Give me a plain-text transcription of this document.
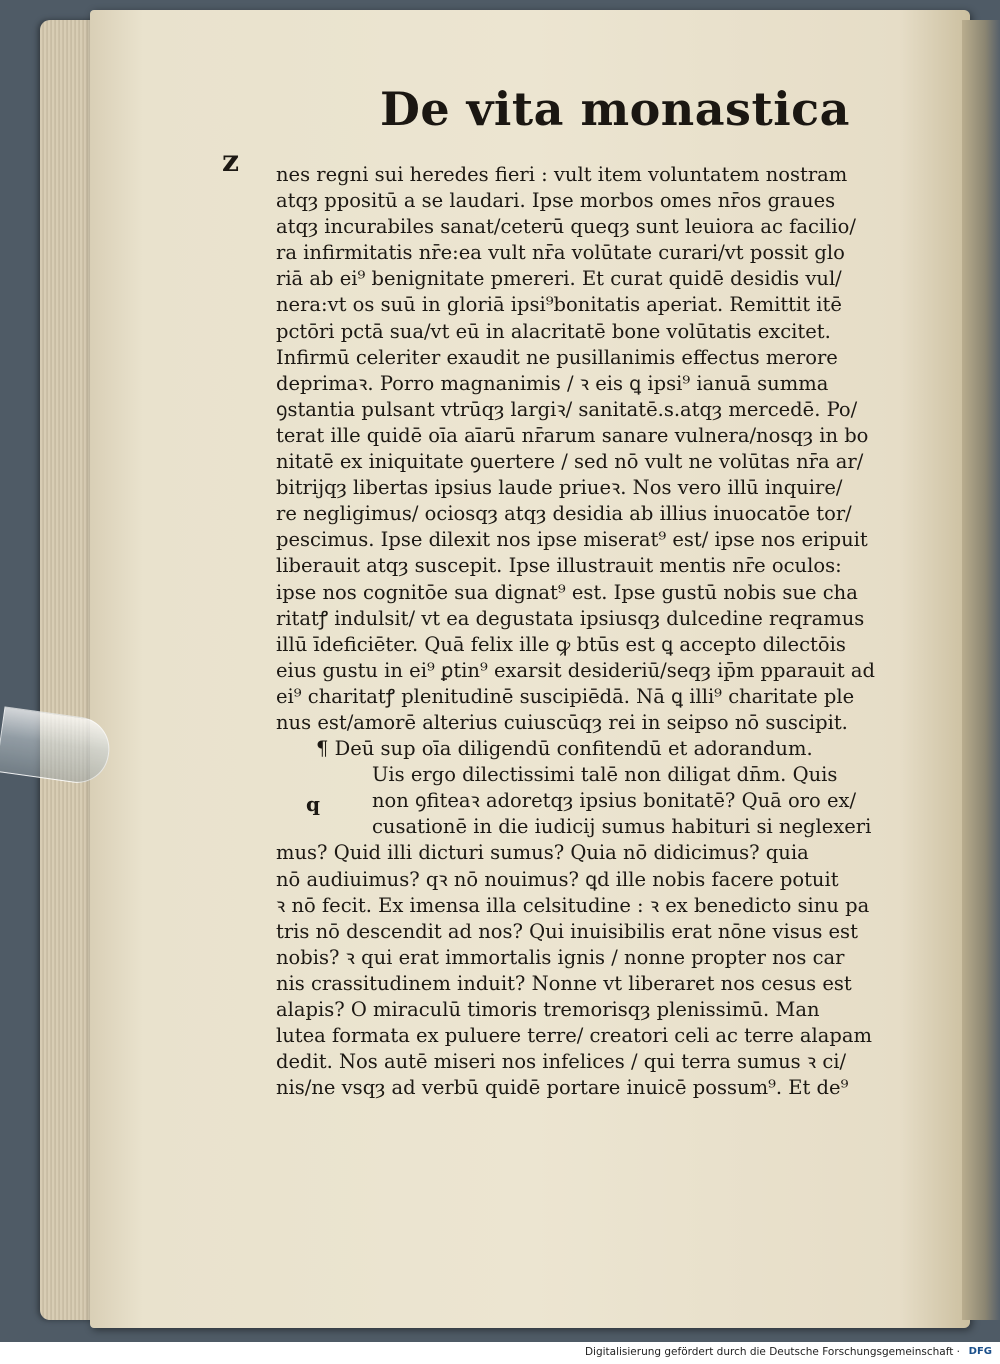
De vita monastica
z
q
nes regni sui heredes fieri : vult item voluntatem nostram
atqȝ ppositū a se laudari. Ipse morbos omes nr̄os graues
atqȝ incurabiles sanat/ceterū queqȝ sunt leuiora ac facilio/
ra infirmitatis nr̄e:ea vult nr̄a volūtate curari/vt possit glo
riā ab ei⁹ benignitate pmereri. Et curat quidē desidis vul/
nera:vt os suū in gloriā ipsi⁹bonitatis aperiat. Remittit itē
pctōri pctā sua/vt eū in alacritatē bone volūtatis excitet.
Infirmū celeriter exaudit ne pusillanimis effectus merore
deprimaꝛ. Porro magnanimis / ꝛ eis ꝗ ipsi⁹ ianuā summa
ꝯstantia pulsant vtrūqȝ largiꝛ/ sanitatē.s.atqȝ mercedē. Po/
terat ille quidē oīa aīarū nr̄arum sanare vulnera/nosqȝ in bo
nitatē ex iniquitate ꝯuertere / sed nō vult ne volūtas nr̄a ar/
bitrijqȝ libertas ipsius laude priueꝛ. Nos vero illū inquire/
re negligimus/ ociosqȝ atqȝ desidia ab illius inuocatōe tor/
pescimus. Ipse dilexit nos ipse miserat⁹ est/ ipse nos eripuit
liberauit atqȝ suscepit. Ipse illustrauit mentis nr̄e oculos:
ipse nos cognitōe sua dignat⁹ est. Ipse gustū nobis sue cha
ritatꝭ indulsit/ vt ea degustata ipsiusqȝ dulcedine reqramus
illū īdeficiēter. Quā felix ille ꝙ btūs est ꝗ accepto dilectōis
eius gustu in ei⁹ ꝑtin⁹ exarsit desideriū/seqȝ ip̄m pparauit ad
ei⁹ charitatꝭ plenitudinē suscipiēdā. Nā ꝗ illi⁹ charitate ple
nus est/amorē alterius cuiuscūqȝ rei in seipso nō suscipit.
¶ Deū sup oīa diligendū confitendū et adorandum.
Uis ergo dilectissimi talē non diligat dn̄m. Quis
non ꝯfiteaꝛ adoretqȝ ipsius bonitatē? Quā oro ex/
cusationē in die iudicij sumus habituri si neglexeri
mus? Quid illi dicturi sumus? Quia nō didicimus? quia
nō audiuimus? qꝛ nō nouimus? ꝗd ille nobis facere potuit
ꝛ nō fecit. Ex imensa illa celsitudine : ꝛ ex benedicto sinu pa
tris nō descendit ad nos? Qui inuisibilis erat nōne visus est
nobis? ꝛ qui erat immortalis ignis / nonne propter nos car
nis crassitudinem induit? Nonne vt liberaret nos cesus est
alapis? O miraculū timoris tremorisqȝ plenissimū. Man
lutea formata ex puluere terre/ creatori celi ac terre alapam
dedit. Nos autē miseri nos infelices / qui terra sumus ꝛ ci/
nis/ne vsqȝ ad verbū quidē portare inuicē possum⁹. Et de⁹
Digitalisierung gefördert durch die Deutsche Forschungsgemeinschaft · DFG
